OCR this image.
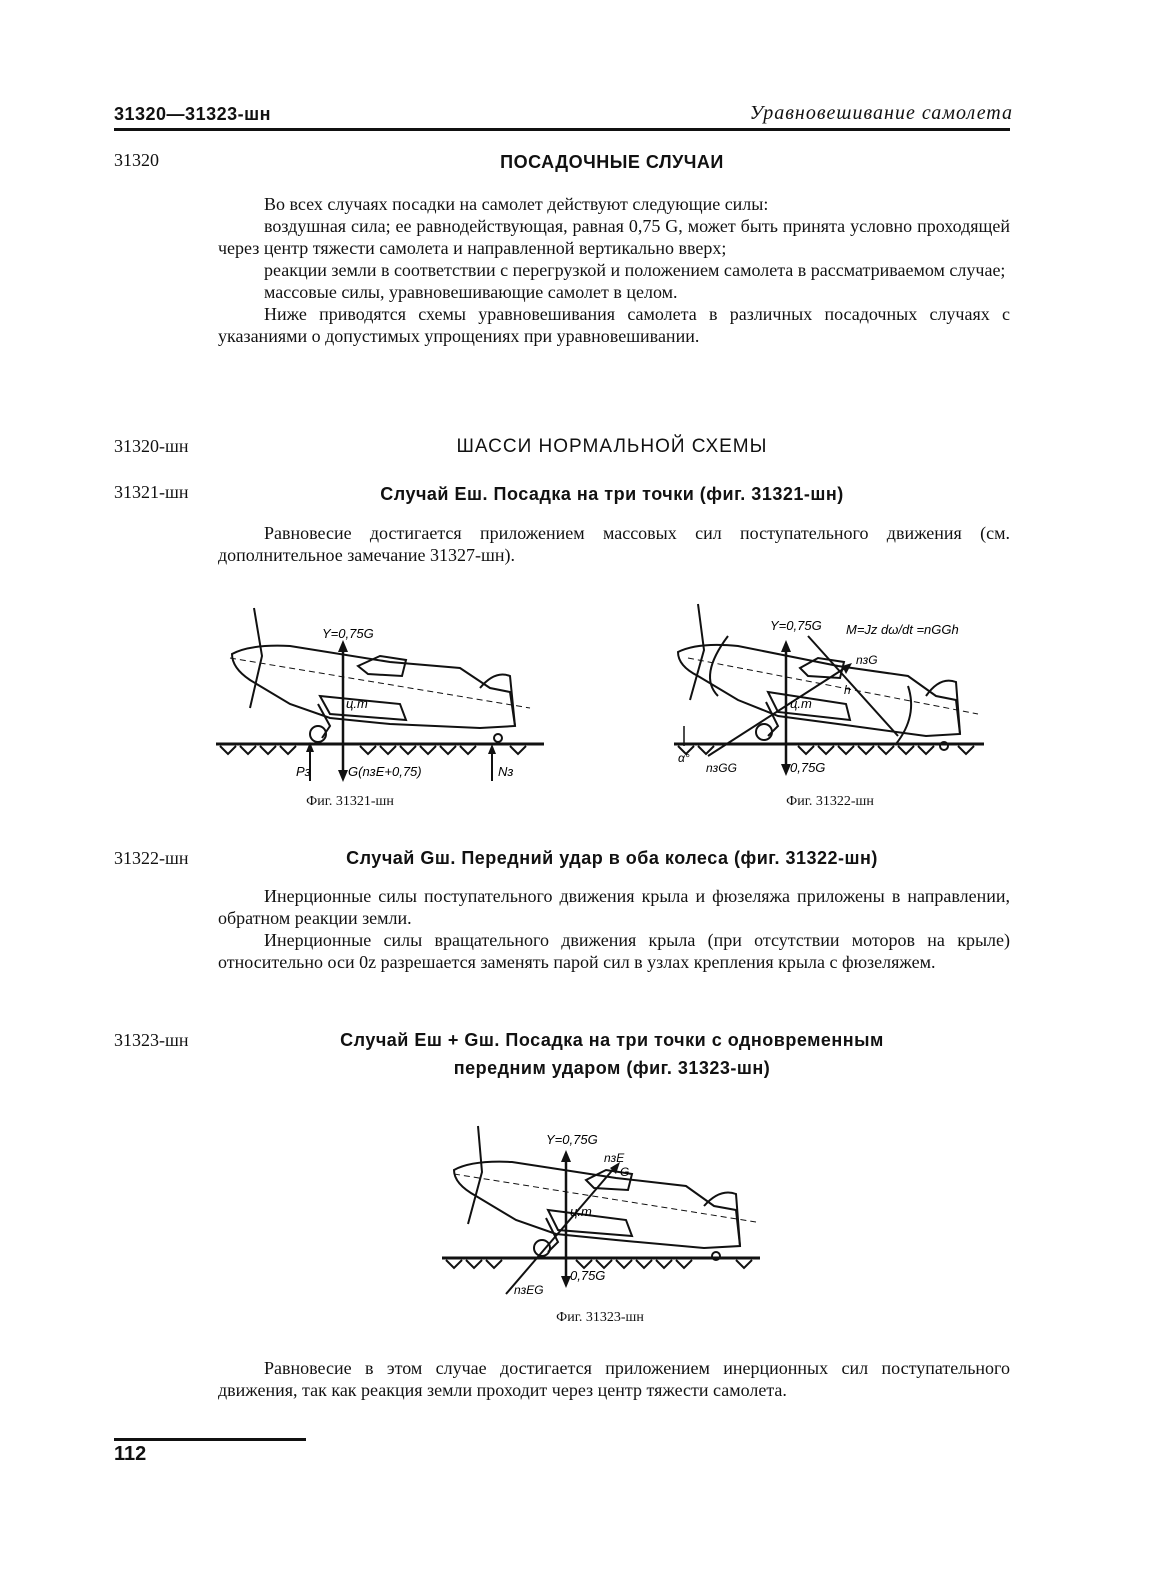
31320—31323-шн	Уравновешивание самолета
31320	ПОСАДОЧНЫЕ СЛУЧАИ

Во всех случаях посадки на самолет действуют следующие силы:

воздушная сила; ее равнодействующая, равная 0,75 G, может быть принята условно проходящей через центр тяжести самолета и направленной вертикально вверх;

реакции земли в соответствии с перегрузкой и положением самолета в рассматриваемом случае;

массовые силы, уравновешивающие самолет в целом.

Ниже приводятся схемы уравновешивания самолета в различных посадочных случаях с указаниями о допустимых упрощениях при уравновешивании.

31320-шн	ШАССИ НОРМАЛЬНОЙ СХЕМЫ
31321-шн	Случай Eш. Посадка на три точки (фиг. 31321-шн)

Равновесие достигается приложением массовых сил поступательного движения (см. дополнительное замечание 31327-шн).

Y=0,75G
ц.т
Pз	G(nзE+0,75)	Nз
Фиг. 31321-шн
Y=0,75G M=Jz dω/dt =nGGh
nзG
h
ц.т
α°
nзGG	0,75G
Фиг. 31322-шн
31322-шн	Случай Gш. Передний удар в оба колеса (фиг. 31322-шн)

Инерционные силы поступательного движения крыла и фюзеляжа приложены в направлении, обратном реакции земли.

Инерционные силы вращательного движения крыла (при отсутствии моторов на крыле) относительно оси 0z разрешается заменять парой сил в узлах крепления крыла с фюзеляжем.

31323-шн	Случай Eш + Gш. Посадка на три точки с одновременным
передним ударом (фиг. 31323-шн)
Y=0,75G
nзE
G
ц.т
nзEG
0,75G
Фиг. 31323-шн

Равновесие в этом случае достигается приложением инерционных сил поступательного движения, так как реакция земли проходит через центр тяжести самолета.

112
